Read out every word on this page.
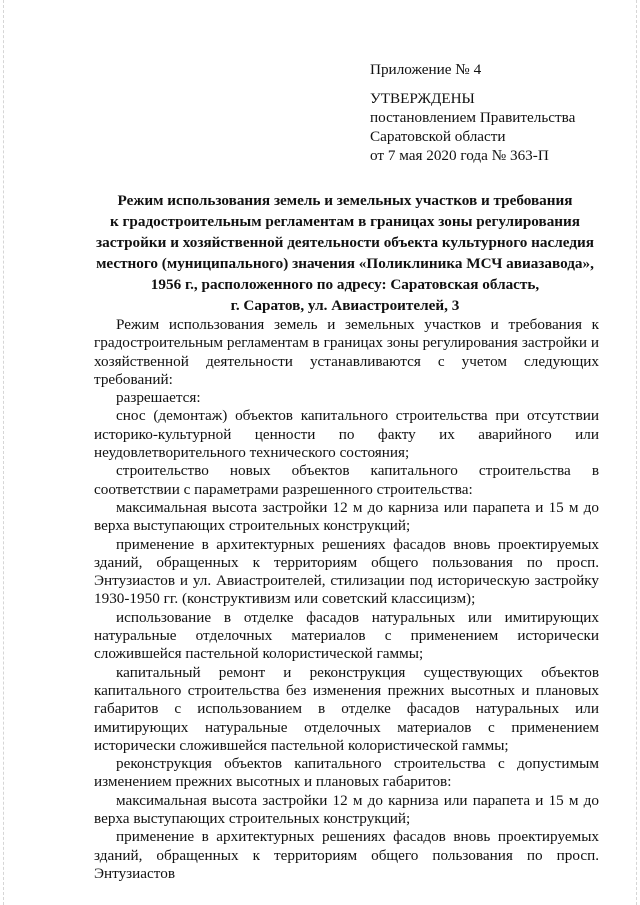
Приложение № 4
УТВЕРЖДЕНЫ
постановлением Правительства
Саратовской области
от 7 мая 2020 года № 363-П
Режим использования земель и земельных участков и требования
к градостроительным регламентам в границах зоны регулирования
застройки и хозяйственной деятельности объекта культурного наследия
местного (муниципального) значения «Поликлиника МСЧ авиазавода»,
1956 г., расположенного по адресу: Саратовская область,
г. Саратов, ул. Авиастроителей, 3

Режим использования земель и земельных участков и требования к градостроительным регламентам в границах зоны регулирования застройки и хозяйственной деятельности устанавливаются с учетом следующих требований:

разрешается:

снос (демонтаж) объектов капитального строительства при отсутствии историко-культурной ценности по факту их аварийного или неудовлетворительного технического состояния;

строительство новых объектов капитального строительства в соответствии с параметрами разрешенного строительства:

максимальная высота застройки 12 м до карниза или парапета и 15 м до верха выступающих строительных конструкций;

применение в архитектурных решениях фасадов вновь проектируемых зданий, обращенных к территориям общего пользования по просп. Энтузиастов и ул. Авиастроителей, стилизации под историческую застройку 1930-1950 гг. (конструктивизм или советский классицизм);

использование в отделке фасадов натуральных или имитирующих натуральные отделочных материалов с применением исторически сложившейся пастельной колористической гаммы;

капитальный ремонт и реконструкция существующих объектов капитального строительства без изменения прежних высотных и плановых габаритов с использованием в отделке фасадов натуральных или имитирующих натуральные отделочных материалов с применением исторически сложившейся пастельной колористической гаммы;

реконструкция объектов капитального строительства с допустимым изменением прежних высотных и плановых габаритов:

максимальная высота застройки 12 м до карниза или парапета и 15 м до верха выступающих строительных конструкций;

применение в архитектурных решениях фасадов вновь проектируемых зданий, обращенных к территориям общего пользования по просп. Энтузиастов
